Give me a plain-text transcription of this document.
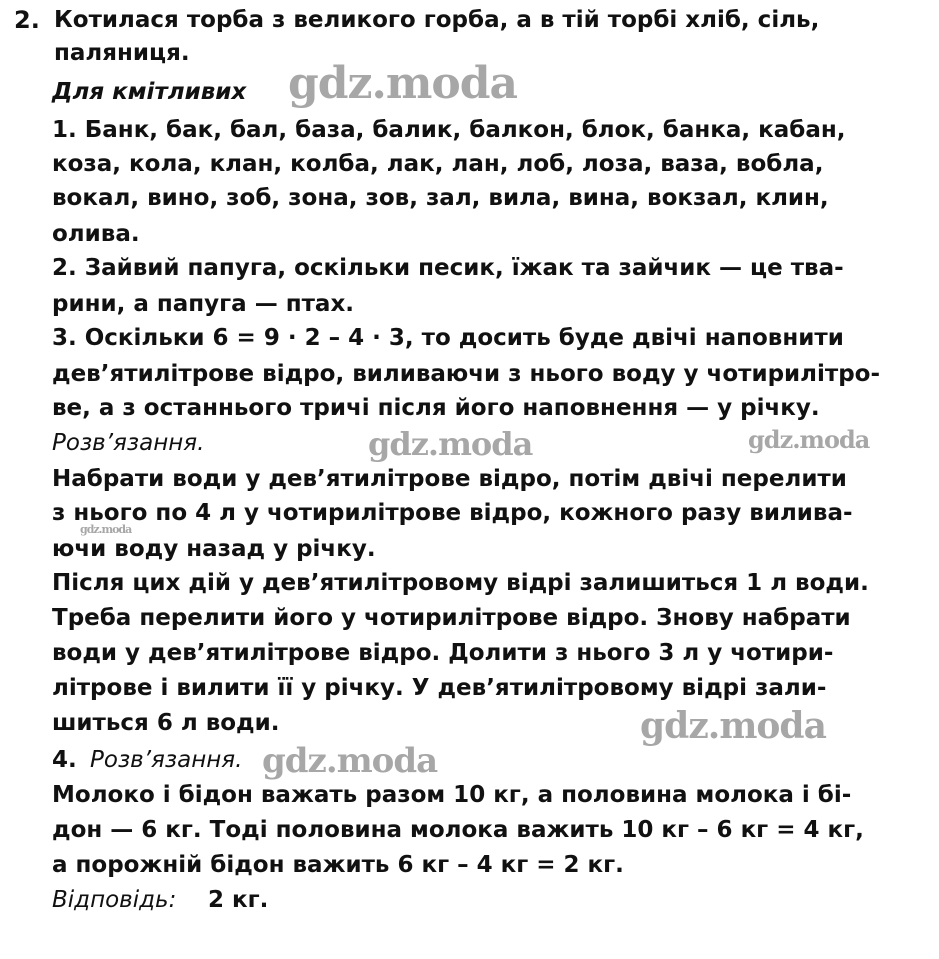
2. Котилася торба з великого горба, а в тій торбі хліб, сіль,
паляниця.
Для кмітливих
1. Банк, бак, бал, база, балик, балкон, блок, банка, кабан,
коза, кола, клан, колба, лак, лан, лоб, лоза, ваза, вобла,
вокал, вино, зоб, зона, зов, зал, вила, вина, вокзал, клин,
олива.
2. Зайвий папуга, оскільки песик, їжак та зайчик — це тва-
рини, а папуга — птах.
3. Оскільки 6 = 9 · 2 – 4 · 3, то досить буде двічі наповнити
дев’ятилітрове відро, виливаючи з нього воду у чотирилітро-
ве, а з останнього тричі після його наповнення — у річку.
Розв’язання.
Набрати води у дев’ятилітрове відро, потім двічі перелити
з нього по 4 л у чотирилітрове відро, кожного разу вилива-
ючи воду назад у річку.
Після цих дій у дев’ятилітровому відрі залишиться 1 л води.
Треба перелити його у чотирилітрове відро. Знову набрати
води у дев’ятилітрове відро. Долити з нього 3 л у чотири-
літрове і вилити її у річку. У дев’ятилітровому відрі зали-
шиться 6 л води.
4. Розв’язання.
Молоко і бідон важать разом 10 кг, а половина молока і бі-
дон — 6 кг. Тоді половина молока важить 10 кг – 6 кг = 4 кг,
а порожній бідон важить 6 кг – 4 кг = 2 кг.
Відповідь: 2 кг.
gdz.moda
gdz.moda	gdz.moda
gdz.moda
gdz.moda
gdz.moda
